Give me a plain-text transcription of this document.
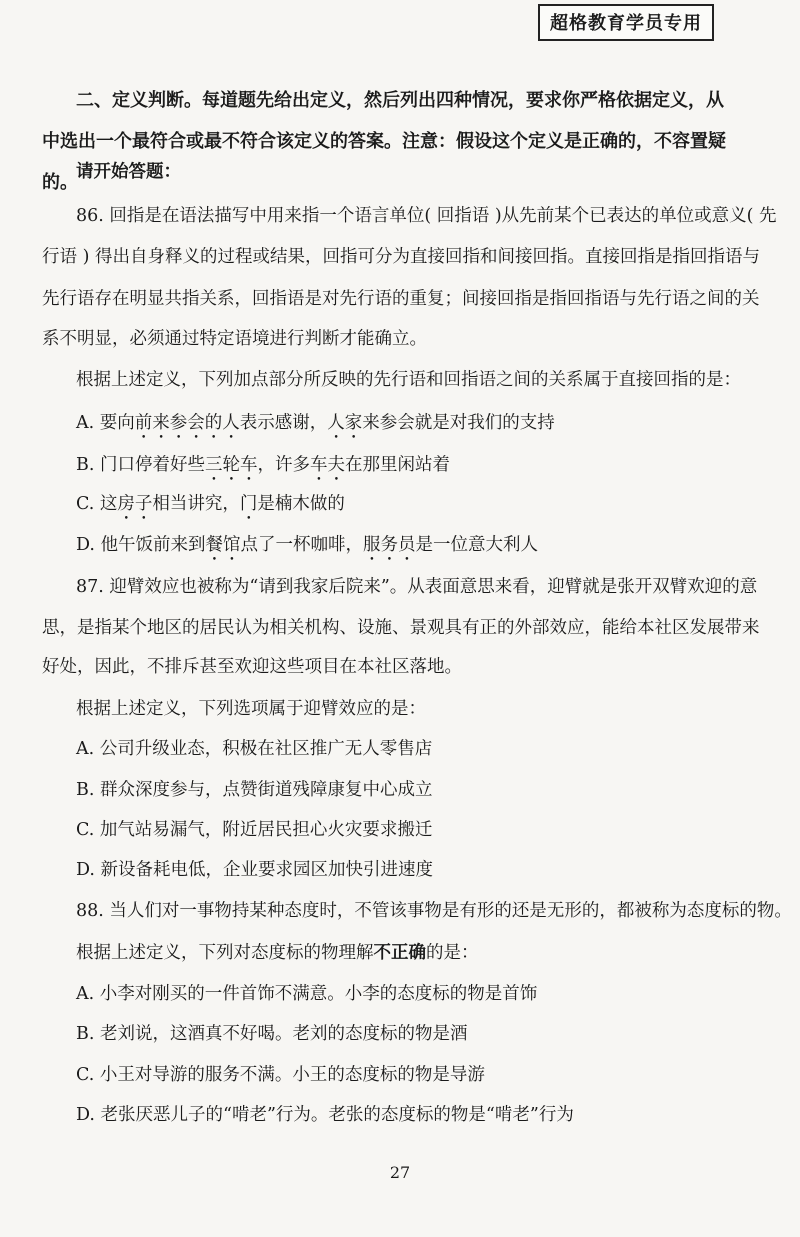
超格教育学员专用
二、定义判断。每道题先给出定义，然后列出四种情况，要求你严格依据定义，从中选出一个最符合或最不符合该定义的答案。注意：假设这个定义是正确的，不容置疑的。
请开始答题：
86. 回指是在语法描写中用来指一个语言单位( 回指语 )从先前某个已表达的单位或意义( 先
行语 ) 得出自身释义的过程或结果，回指可分为直接回指和间接回指。直接回指是指回指语与
先行语存在明显共指关系，回指语是对先行语的重复；间接回指是指回指语与先行语之间的关
系不明显，必须通过特定语境进行判断才能确立。
根据上述定义，下列加点部分所反映的先行语和回指语之间的关系属于直接回指的是：
A. 要向前来参会的人表示感谢，人家来参会就是对我们的支持
B. 门口停着好些三轮车，许多车夫在那里闲站着
C. 这房子相当讲究，门是楠木做的
D. 他午饭前来到餐馆点了一杯咖啡，服务员是一位意大利人
87. 迎臂效应也被称为“请到我家后院来”。从表面意思来看，迎臂就是张开双臂欢迎的意
思，是指某个地区的居民认为相关机构、设施、景观具有正的外部效应，能给本社区发展带来
好处，因此，不排斥甚至欢迎这些项目在本社区落地。
根据上述定义，下列选项属于迎臂效应的是：
A. 公司升级业态，积极在社区推广无人零售店
B. 群众深度参与，点赞街道残障康复中心成立
C. 加气站易漏气，附近居民担心火灾要求搬迁
D. 新设备耗电低，企业要求园区加快引进速度
88. 当人们对一事物持某种态度时，不管该事物是有形的还是无形的，都被称为态度标的物。
根据上述定义，下列对态度标的物理解不正确的是：
A. 小李对刚买的一件首饰不满意。小李的态度标的物是首饰
B. 老刘说，这酒真不好喝。老刘的态度标的物是酒
C. 小王对导游的服务不满。小王的态度标的物是导游
D. 老张厌恶儿子的“啃老”行为。老张的态度标的物是“啃老”行为
27
